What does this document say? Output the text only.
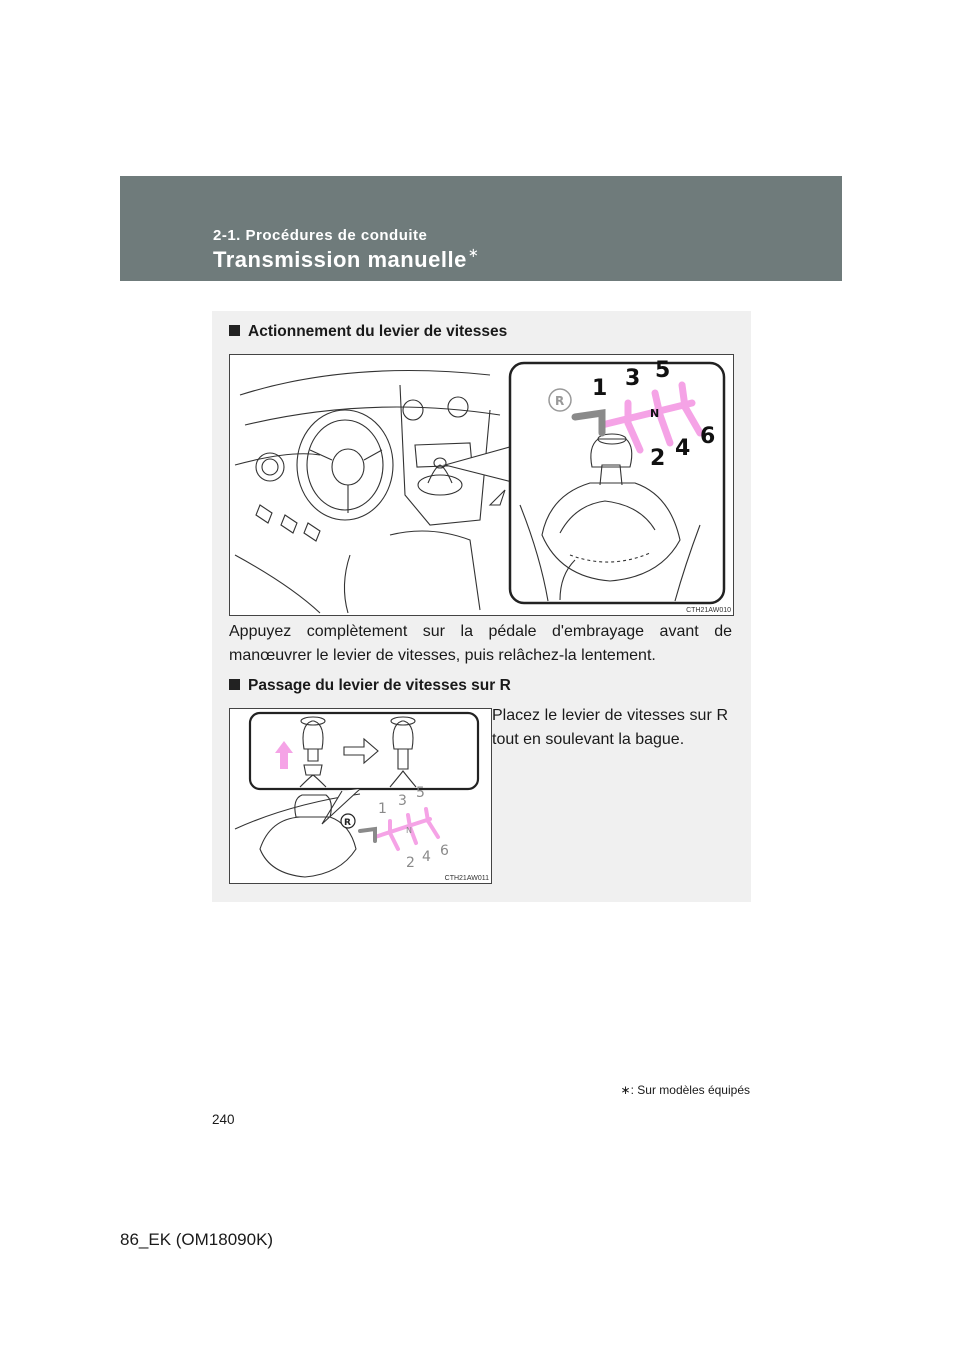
2-1. Procédures de conduite
Transmission manuelle∗
Actionnement du levier de vitesses
R 1 3 5
2 4 6
N
CTH21AW010
Appuyez complètement sur la pédale d'embrayage avant de manœuvrer le levier de vitesses, puis relâchez-la lentement.
Passage du levier de vitesses sur R
R
1 3 5
2 4 6
N
CTH21AW011
Placez le levier de vitesses sur R tout en soulevant la bague.
∗: Sur modèles équipés
240
86_EK (OM18090K)
